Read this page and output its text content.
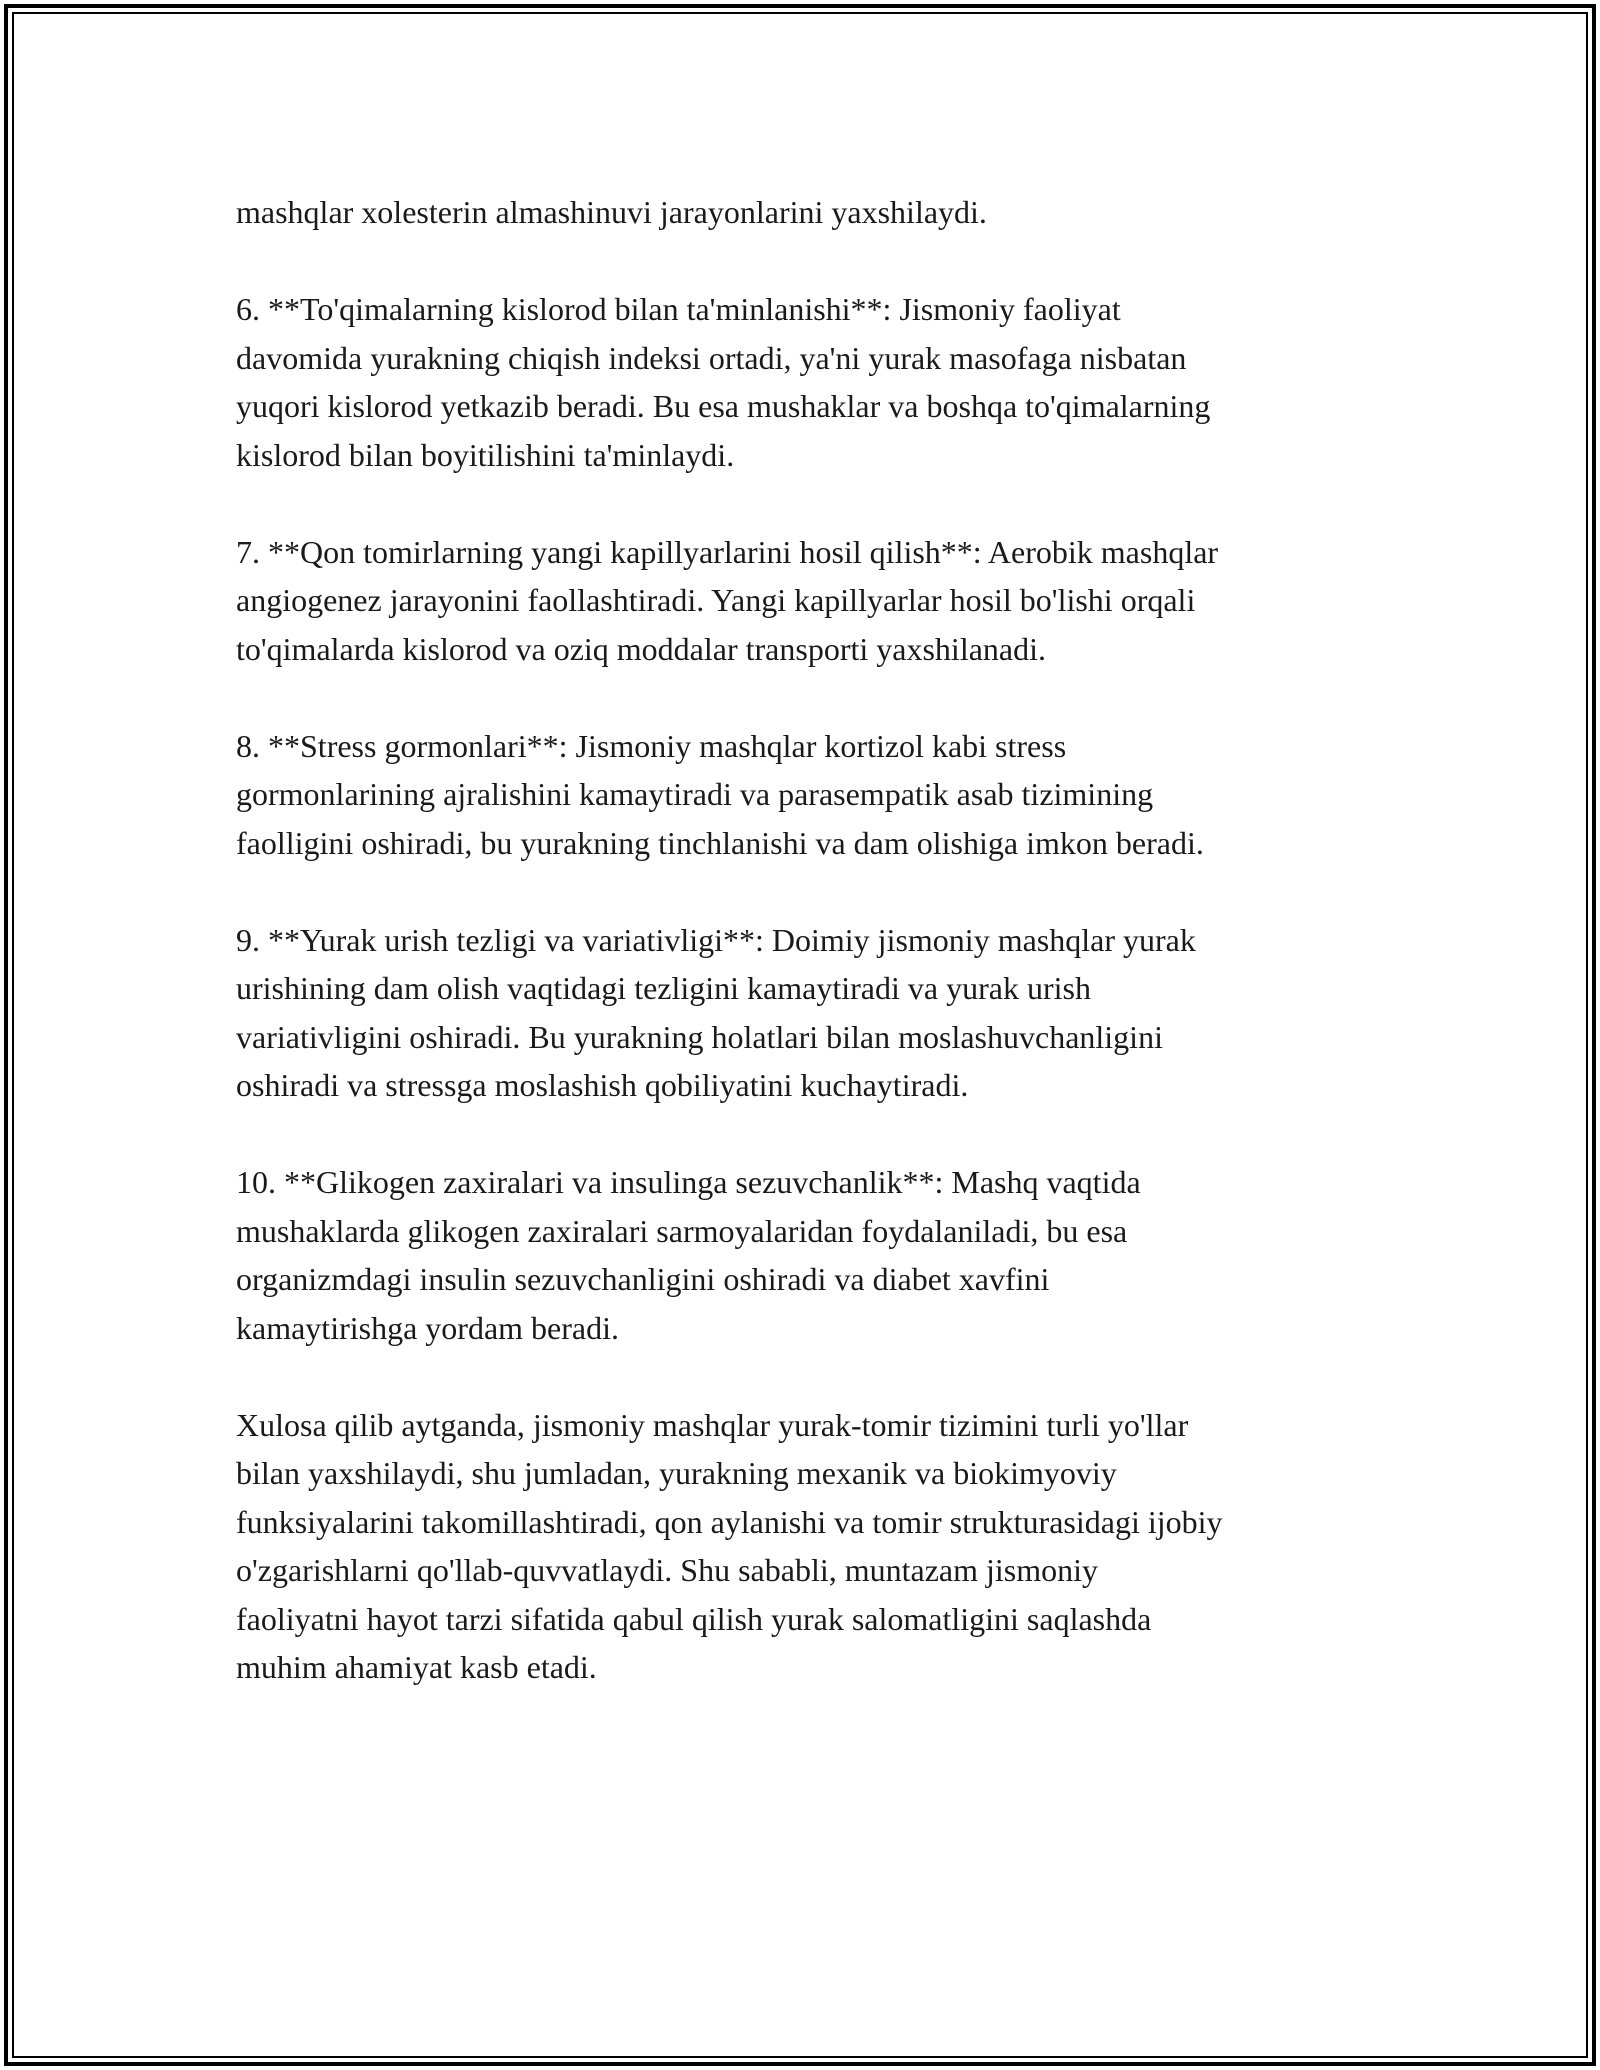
mashqlar xolesterin almashinuvi jarayonlarini yaxshilaydi.

6. **To'qimalarning kislorod bilan ta'minlanishi**: Jismoniy faoliyat
davomida yurakning chiqish indeksi ortadi, ya'ni yurak masofaga nisbatan
yuqori kislorod yetkazib beradi. Bu esa mushaklar va boshqa to'qimalarning
kislorod bilan boyitilishini ta'minlaydi.

7. **Qon tomirlarning yangi kapillyarlarini hosil qilish**: Aerobik mashqlar
angiogenez jarayonini faollashtiradi. Yangi kapillyarlar hosil bo'lishi orqali
to'qimalarda kislorod va oziq moddalar transporti yaxshilanadi.

8. **Stress gormonlari**: Jismoniy mashqlar kortizol kabi stress
gormonlarining ajralishini kamaytiradi va parasempatik asab tizimining
faolligini oshiradi, bu yurakning tinchlanishi va dam olishiga imkon beradi.

9. **Yurak urish tezligi va variativligi**: Doimiy jismoniy mashqlar yurak
urishining dam olish vaqtidagi tezligini kamaytiradi va yurak urish
variativligini oshiradi. Bu yurakning holatlari bilan moslashuvchanligini
oshiradi va stressga moslashish qobiliyatini kuchaytiradi.

10. **Glikogen zaxiralari va insulinga sezuvchanlik**: Mashq vaqtida
mushaklarda glikogen zaxiralari sarmoyalaridan foydalaniladi, bu esa
organizmdagi insulin sezuvchanligini oshiradi va diabet xavfini
kamaytirishga yordam beradi.

Xulosa qilib aytganda, jismoniy mashqlar yurak-tomir tizimini turli yo'llar
bilan yaxshilaydi, shu jumladan, yurakning mexanik va biokimyoviy
funksiyalarini takomillashtiradi, qon aylanishi va tomir strukturasidagi ijobiy
o'zgarishlarni qo'llab-quvvatlaydi. Shu sababli, muntazam jismoniy
faoliyatni hayot tarzi sifatida qabul qilish yurak salomatligini saqlashda
muhim ahamiyat kasb etadi.
